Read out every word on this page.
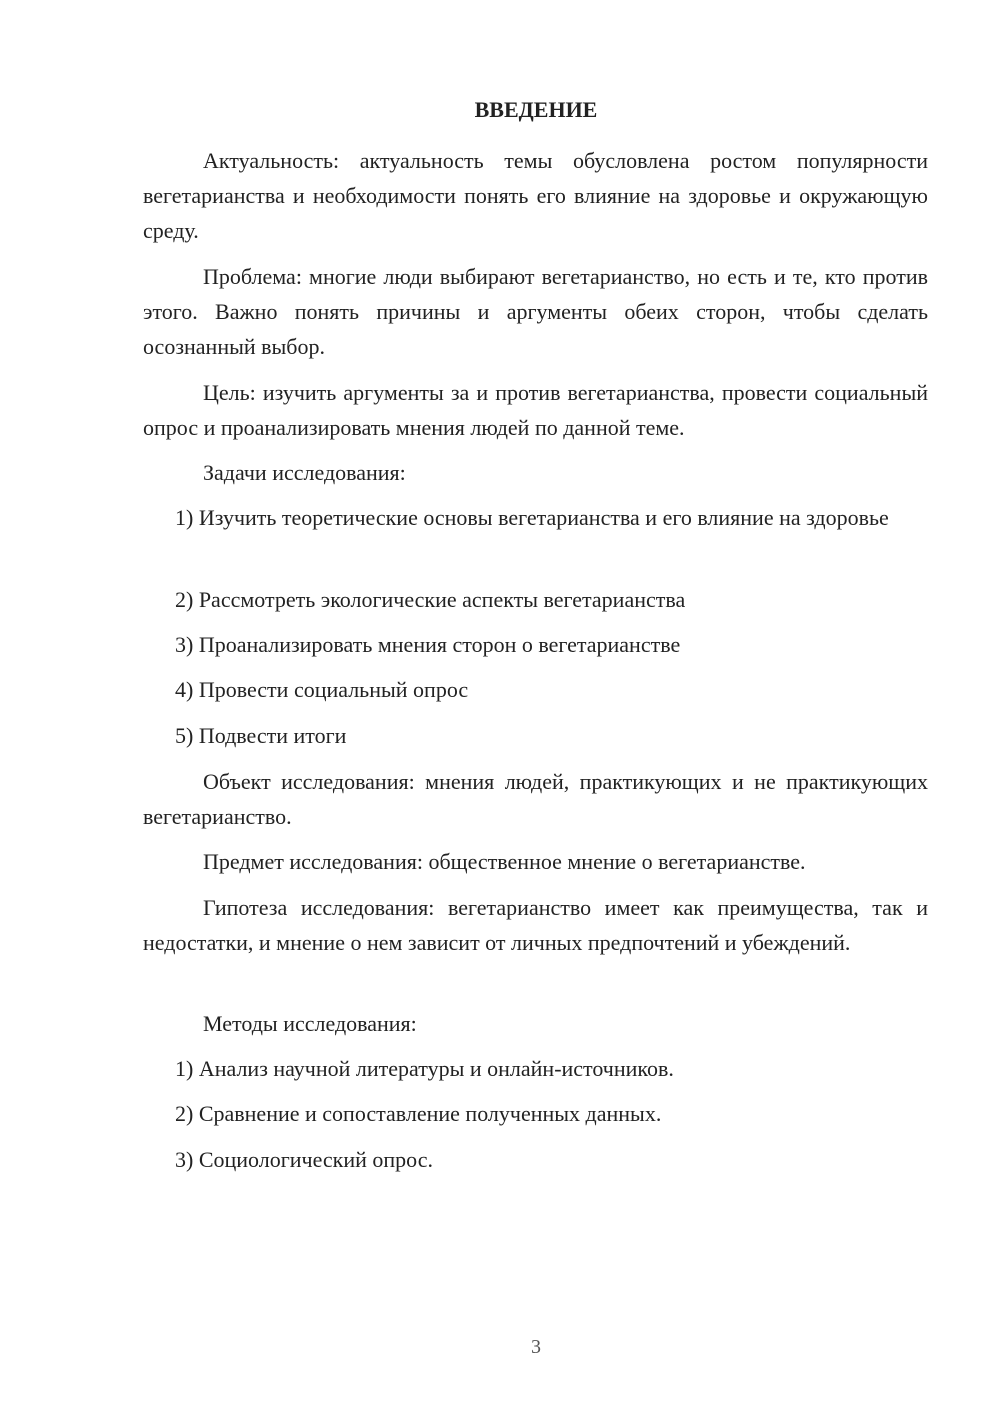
ВВЕДЕНИЕ

Актуальность: актуальность темы обусловлена ростом популярности вегетарианства и необходимости понять его влияние на здоровье и окружающую среду.

Проблема: многие люди выбирают вегетарианство, но есть и те, кто против этого. Важно понять причины и аргументы обеих сторон, чтобы сделать осознанный выбор.

Цель: изучить аргументы за и против вегетарианства, провести социальный опрос и проанализировать мнения людей по данной теме.

Задачи исследования:

1) Изучить теоретические основы вегетарианства и его влияние на здоровье

2) Рассмотреть экологические аспекты вегетарианства

3) Проанализировать мнения сторон о вегетарианстве

4) Провести социальный опрос

5) Подвести итоги

Объект исследования: мнения людей, практикующих и не практикующих вегетарианство.

Предмет исследования: общественное мнение о вегетарианстве.

Гипотеза исследования: вегетарианство имеет как преимущества, так и недостатки, и мнение о нем зависит от личных предпочтений и убеждений.

Методы исследования:

1) Анализ научной литературы и онлайн-источников.

2) Сравнение и сопоставление полученных данных.

3) Социологический опрос.

3
